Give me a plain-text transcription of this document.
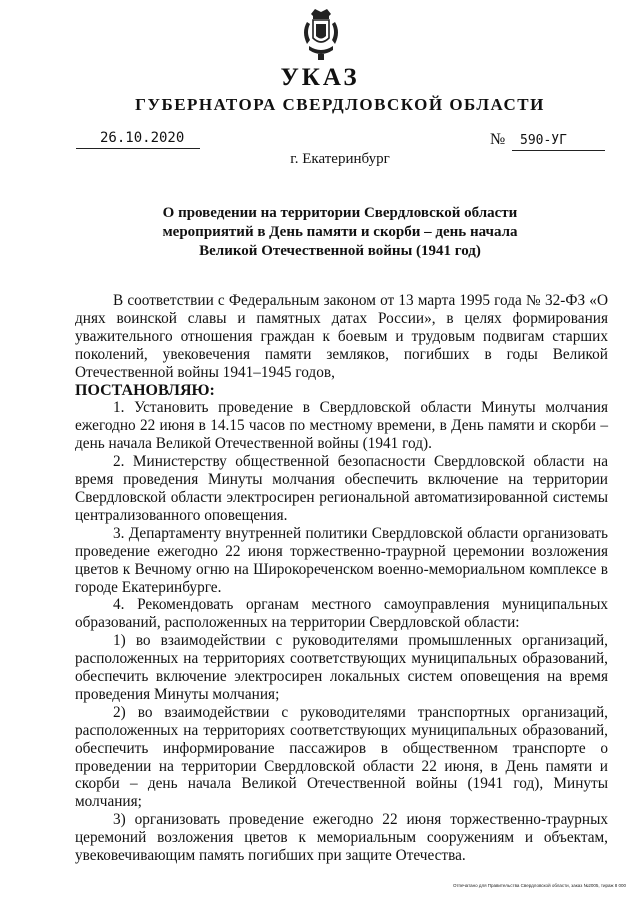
УКАЗ
ГУБЕРНАТОРА СВЕРДЛОВСКОЙ ОБЛАСТИ
26.10.2020	№ 590-УГ
г. Екатеринбург
О проведении на территории Свердловской области
мероприятий в День памяти и скорби – день начала
Великой Отечественной войны (1941 год)

В соответствии с Федеральным законом от 13 марта 1995 года № 32-ФЗ «О днях воинской славы и памятных датах России», в целях формирования уважительного отношения граждан к боевым и трудовым подвигам старших поколений, увековечения памяти земляков, погибших в годы Великой Отечественной войны 1941–1945 годов,

ПОСТАНОВЛЯЮ:

1. Установить проведение в Свердловской области Минуты молчания ежегодно 22 июня в 14.15 часов по местному времени, в День памяти и скорби – день начала Великой Отечественной войны (1941 год).

2. Министерству общественной безопасности Свердловской области на время проведения Минуты молчания обеспечить включение на территории Свердловской области электросирен региональной автоматизированной системы централизованного оповещения.

3. Департаменту внутренней политики Свердловской области организовать проведение ежегодно 22 июня торжественно-траурной церемонии возложения цветов к Вечному огню на Широкореченском военно-мемориальном комплексе в городе Екатеринбурге.

4. Рекомендовать органам местного самоуправления муниципальных образований, расположенных на территории Свердловской области:

1) во взаимодействии с руководителями промышленных организаций, расположенных на территориях соответствующих муниципальных образований, обеспечить включение электросирен локальных систем оповещения на время проведения Минуты молчания;

2) во взаимодействии с руководителями транспортных организаций, расположенных на территориях соответствующих муниципальных образований, обеспечить информирование пассажиров в общественном транспорте о проведении на территории Свердловской области 22 июня, в День памяти и скорби – день начала Великой Отечественной войны (1941 год), Минуты молчания;

3) организовать проведение ежегодно 22 июня торжественно-траурных церемоний возложения цветов к мемориальным сооружениям и объектам, увековечивающим память погибших при защите Отечества.

Отпечатано для Правительства Свердловской области, заказ №2005, тираж 8 000
